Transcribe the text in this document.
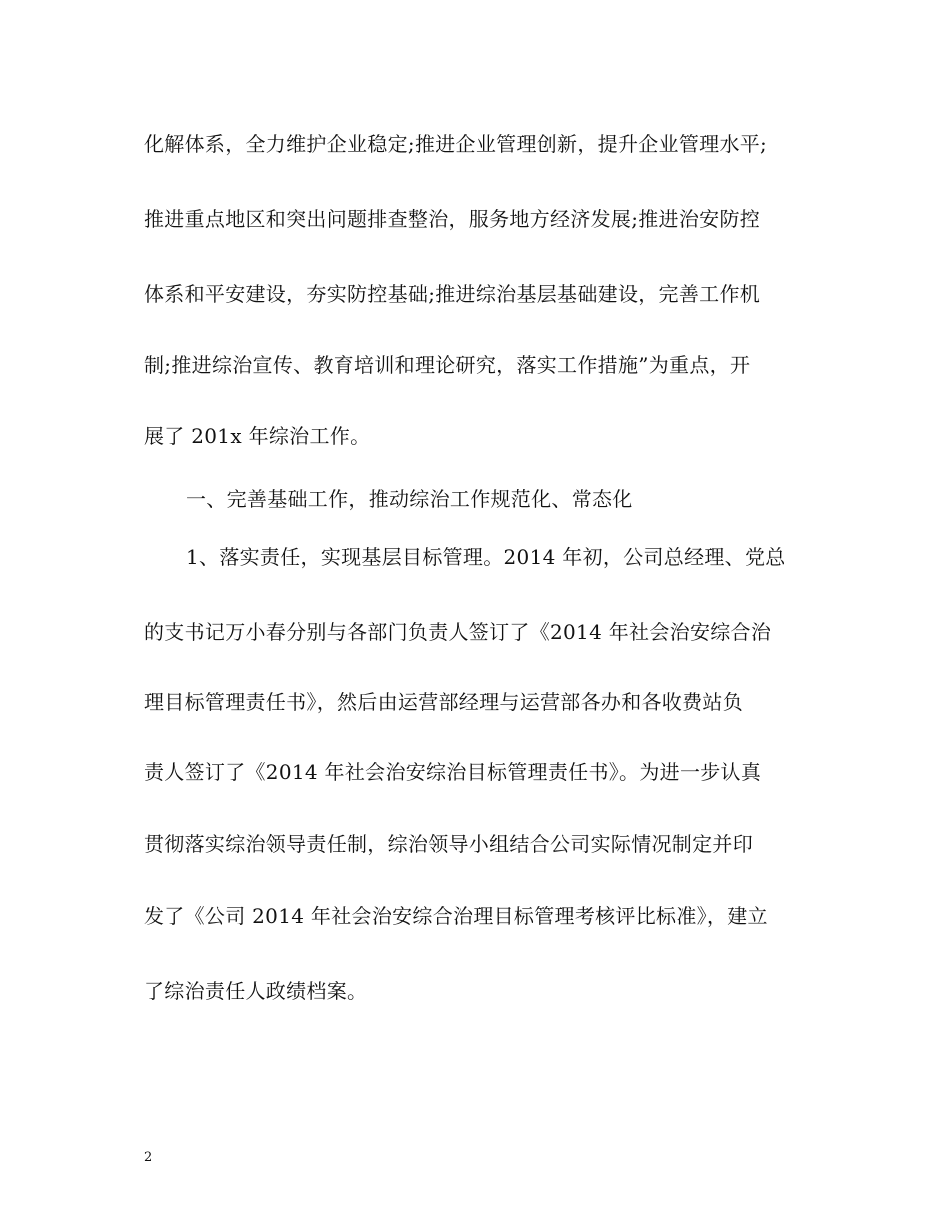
化解体系，全力维护企业稳定;推进企业管理创新，提升企业管理水平;
推进重点地区和突出问题排查整治，服务地方经济发展;推进治安防控
体系和平安建设，夯实防控基础;推进综治基层基础建设，完善工作机
制;推进综治宣传、教育培训和理论研究，落实工作措施”为重点，开
展了 201x 年综治工作。
一、完善基础工作，推动综治工作规范化、常态化
1、落实责任，实现基层目标管理。2014 年初，公司总经理、党总
的支书记万小春分别与各部门负责人签订了《2014 年社会治安综合治
理目标管理责任书》，然后由运营部经理与运营部各办和各收费站负
责人签订了《2014 年社会治安综治目标管理责任书》。为进一步认真
贯彻落实综治领导责任制，综治领导小组结合公司实际情况制定并印
发了《公司 2014 年社会治安综合治理目标管理考核评比标准》，建立
了综治责任人政绩档案。
2
